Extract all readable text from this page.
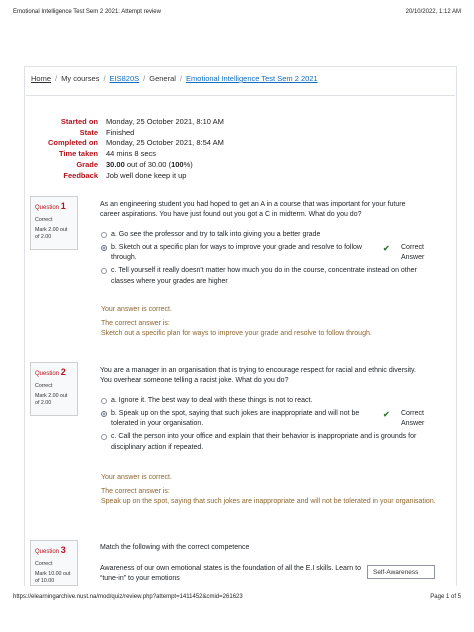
Emotional Intelligence Test Sem 2 2021: Attempt review	20/10/2022, 1:12 AM
Home / My courses / EIS820S / General / Emotional Intelligence Test Sem 2 2021
Started on	Monday, 25 October 2021, 8:10 AM
State	Finished
Completed on	Monday, 25 October 2021, 8:54 AM
Time taken	44 mins 8 secs
Grade	30.00 out of 30.00 (100%)
Feedback	Job well done keep it up
Question 1
Correct
Mark 2.00 out of 2.00
As an engineering student you had hoped to get an A in a course that was important for your future career aspirations. You have just found out you got a C in midterm. What do you do?
a. Go see the professor and try to talk into giving you a better grade
b. Sketch out a specific plan for ways to improve your grade and resolve to follow through.
✔	Correct Answer
c. Tell yourself it really doesn't matter how much you do in the course, concentrate instead on other classes where your grades are higher

Your answer is correct.

The correct answer is:
Sketch out a specific plan for ways to improve your grade and resolve to follow through.
Question 2
Correct
Mark 2.00 out of 2.00
You are a manager in an organisation that is trying to encourage respect for racial and ethnic diversity. You overhear someone telling a racist joke. What do you do?
a. Ignore it. The best way to deal with these things is not to react.
b. Speak up on the spot, saying that such jokes are inappropriate and will not be tolerated in your organisation.
✔	Correct Answer
c. Call the person into your office and explain that their behavior is inappropriate and is grounds for disciplinary action if repeated.

Your answer is correct.

The correct answer is:
Speak up on the spot, saying that such jokes are inappropriate and will not be tolerated in your organisation.
Question 3
Correct
Mark 10.00 out of 10.00
Match the following with the correct competence
Awareness of our own emotional states is the foundation of all the E.I skills. Learn to “tune-in” to your emotions
Self-Awareness
https://elearningarchive.nust.na/mod/quiz/review.php?attempt=1411452&cmid=261623	Page 1 of 5
